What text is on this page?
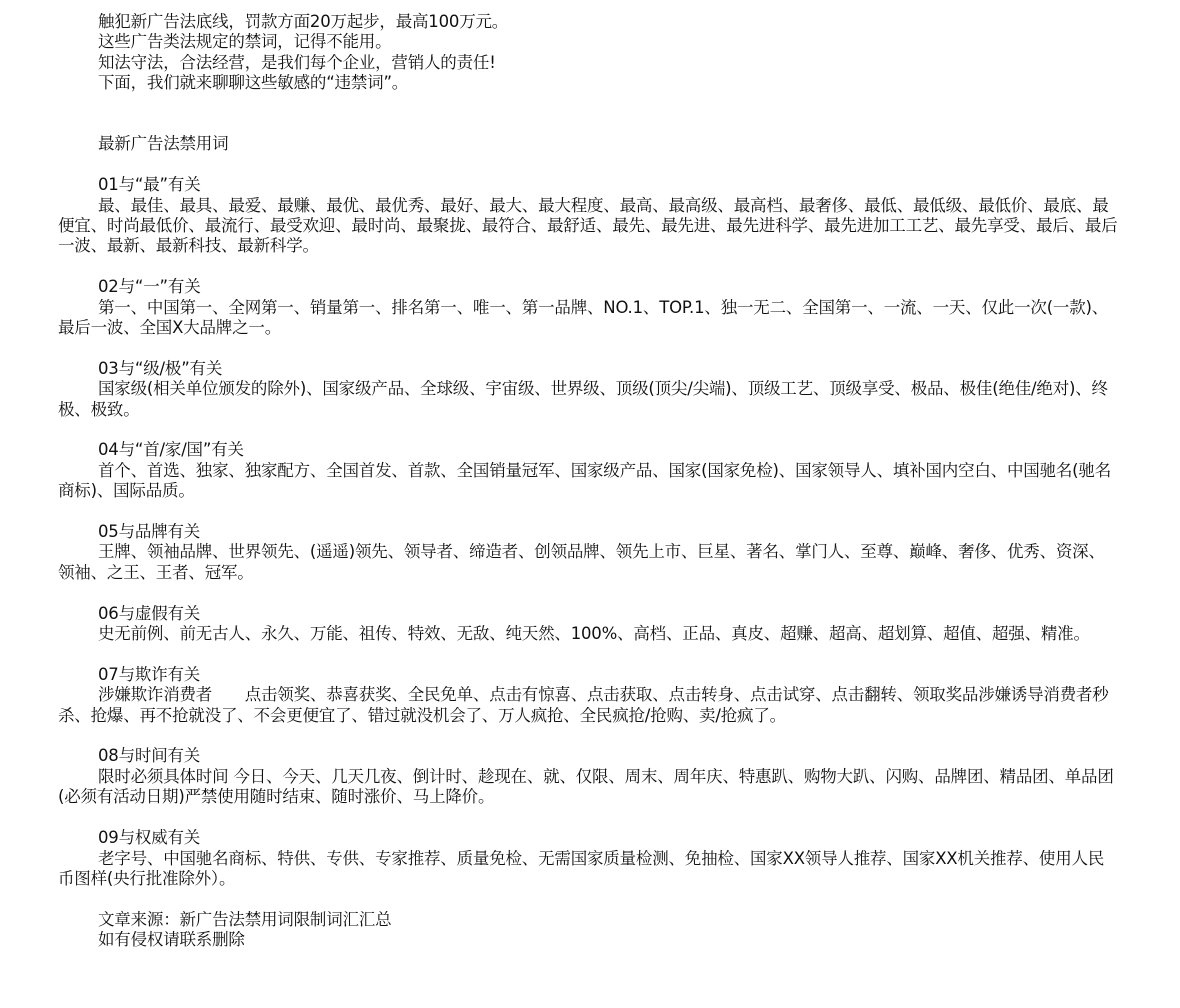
触犯新广告法底线，罚款方面20万起步，最高100万元。

这些广告类法规定的禁词，记得不能用。

知法守法，合法经营，是我们每个企业，营销人的责任!

下面，我们就来聊聊这些敏感的“违禁词”。

最新广告法禁用词

01与“最”有关

最、最佳、最具、最爱、最赚、最优、最优秀、最好、最大、最大程度、最高、最高级、最高档、最奢侈、最低、最低级、最低价、最底、最便宜、时尚最低价、最流行、最受欢迎、最时尚、最聚拢、最符合、最舒适、最先、最先进、最先进科学、最先进加工工艺、最先享受、最后、最后一波、最新、最新科技、最新科学。

02与“一”有关

第一、中国第一、全网第一、销量第一、排名第一、唯一、第一品牌、NO.1、TOP.1、独一无二、全国第一、一流、一天、仅此一次(一款)、最后一波、全国X大品牌之一。

03与“级/极”有关

国家级(相关单位颁发的除外)、国家级产品、全球级、宇宙级、世界级、顶级(顶尖/尖端)、顶级工艺、顶级享受、极品、极佳(绝佳/绝对)、终极、极致。

04与“首/家/国”有关

首个、首选、独家、独家配方、全国首发、首款、全国销量冠军、国家级产品、国家(国家免检)、国家领导人、填补国内空白、中国驰名(驰名商标)、国际品质。

05与品牌有关

王牌、领袖品牌、世界领先、(遥遥)领先、领导者、缔造者、创领品牌、领先上市、巨星、著名、掌门人、至尊、巅峰、奢侈、优秀、资深、领袖、之王、王者、冠军。

06与虚假有关

史无前例、前无古人、永久、万能、祖传、特效、无敌、纯天然、100%、高档、正品、真皮、超赚、超高、超划算、超值、超强、精准。

07与欺诈有关

涉嫌欺诈消费者　　点击领奖、恭喜获奖、全民免单、点击有惊喜、点击获取、点击转身、点击试穿、点击翻转、领取奖品涉嫌诱导消费者秒杀、抢爆、再不抢就没了、不会更便宜了、错过就没机会了、万人疯抢、全民疯抢/抢购、卖/抢疯了。

08与时间有关

限时必须具体时间 今日、今天、几天几夜、倒计时、趁现在、就、仅限、周末、周年庆、特惠趴、购物大趴、闪购、品牌团、精品团、单品团(必须有活动日期)严禁使用随时结束、随时涨价、马上降价。

09与权威有关

老字号、中国驰名商标、特供、专供、专家推荐、质量免检、无需国家质量检测、免抽检、国家XX领导人推荐、国家XX机关推荐、使用人民币图样(央行批准除外）。

文章来源：新广告法禁用词限制词汇汇总

如有侵权请联系删除
